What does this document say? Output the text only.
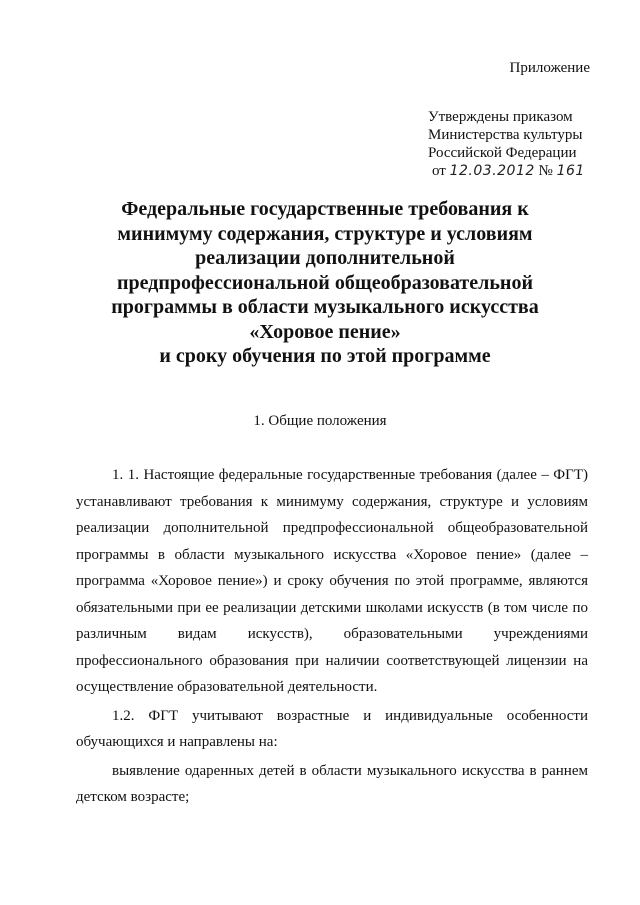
Приложение
Утверждены приказом
Министерства культуры
Российской Федерации
от 12.03.2012 № 161
Федеральные государственные требования к
минимуму содержания, структуре и условиям
реализации дополнительной
предпрофессиональной общеобразовательной
программы в области музыкального искусства
«Хоровое пение»
и сроку обучения по этой программе
1. Общие положения

1. 1. Настоящие федеральные государственные требования (далее – ФГТ) устанавливают требования к минимуму содержания, структуре и условиям реализации дополнительной предпрофессиональной общеобразовательной программы в области музыкального искусства «Хоровое пение» (далее – программа «Хоровое пение») и сроку обучения по этой программе, являются обязательными при ее реализации детскими школами искусств (в том числе по различным видам искусств), образовательными учреждениями профессионального образования при наличии соответствующей лицензии на осуществление образовательной деятельности.

1.2. ФГТ учитывают возрастные и индивидуальные особенности обучающихся и направлены на:

выявление одаренных детей в области музыкального искусства в раннем детском возрасте;
